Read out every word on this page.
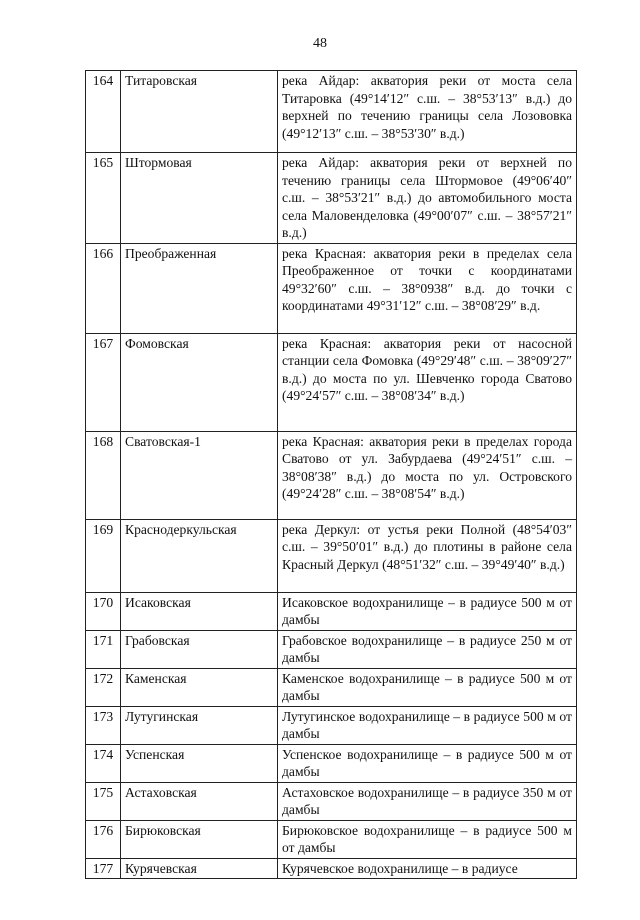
48
164	Титаровская	река Айдар: акватория реки от моста села Титаровка (49°14′12″ с.ш. – 38°53′13″ в.д.) до верхней по течению границы села Лозововка (49°12′13″ с.ш. – 38°53′30″ в.д.)
165	Штормовая	река Айдар: акватория реки от верхней по течению границы села Штормовое (49°06′40″ с.ш. – 38°53′21″ в.д.) до автомобильного моста села Маловенделовка (49°00′07″ с.ш. – 38°57′21″ в.д.)
166	Преображенная	река Красная: акватория реки в пределах села Преображенное от точки с координатами 49°32′60″ с.ш. – 38°0938″ в.д. до точки с координатами 49°31′12″ с.ш. – 38°08′29″ в.д.
167	Фомовская	река Красная: акватория реки от насосной станции села Фомовка (49°29′48″ с.ш. – 38°09′27″ в.д.) до моста по ул. Шевченко города Сватово (49°24′57″ с.ш. – 38°08′34″ в.д.)
168	Сватовская-1	река Красная: акватория реки в пределах города Сватово от ул. Забурдаева (49°24′51″ с.ш. – 38°08′38″ в.д.) до моста по ул. Островского (49°24′28″ с.ш. – 38°08′54″ в.д.)
169	Краснодеркульская	река Деркул: от устья реки Полной (48°54′03″ с.ш. – 39°50′01″ в.д.) до плотины в районе села Красный Деркул (48°51′32″ с.ш. – 39°49′40″ в.д.)
170	Исаковская	Исаковское водохранилище – в радиусе 500 м от дамбы
171	Грабовская	Грабовское водохранилище – в радиусе 250 м от дамбы
172	Каменская	Каменское водохранилище – в радиусе 500 м от дамбы
173	Лутугинская	Лутугинское водохранилище – в радиусе 500 м от дамбы
174	Успенская	Успенское водохранилище – в радиусе 500 м от дамбы
175	Астаховская	Астаховское водохранилище – в радиусе 350 м от дамбы
176	Бирюковская	Бирюковское водохранилище – в радиусе 500 м от дамбы
177	Курячевская	Курячевское водохранилище – в радиусе
